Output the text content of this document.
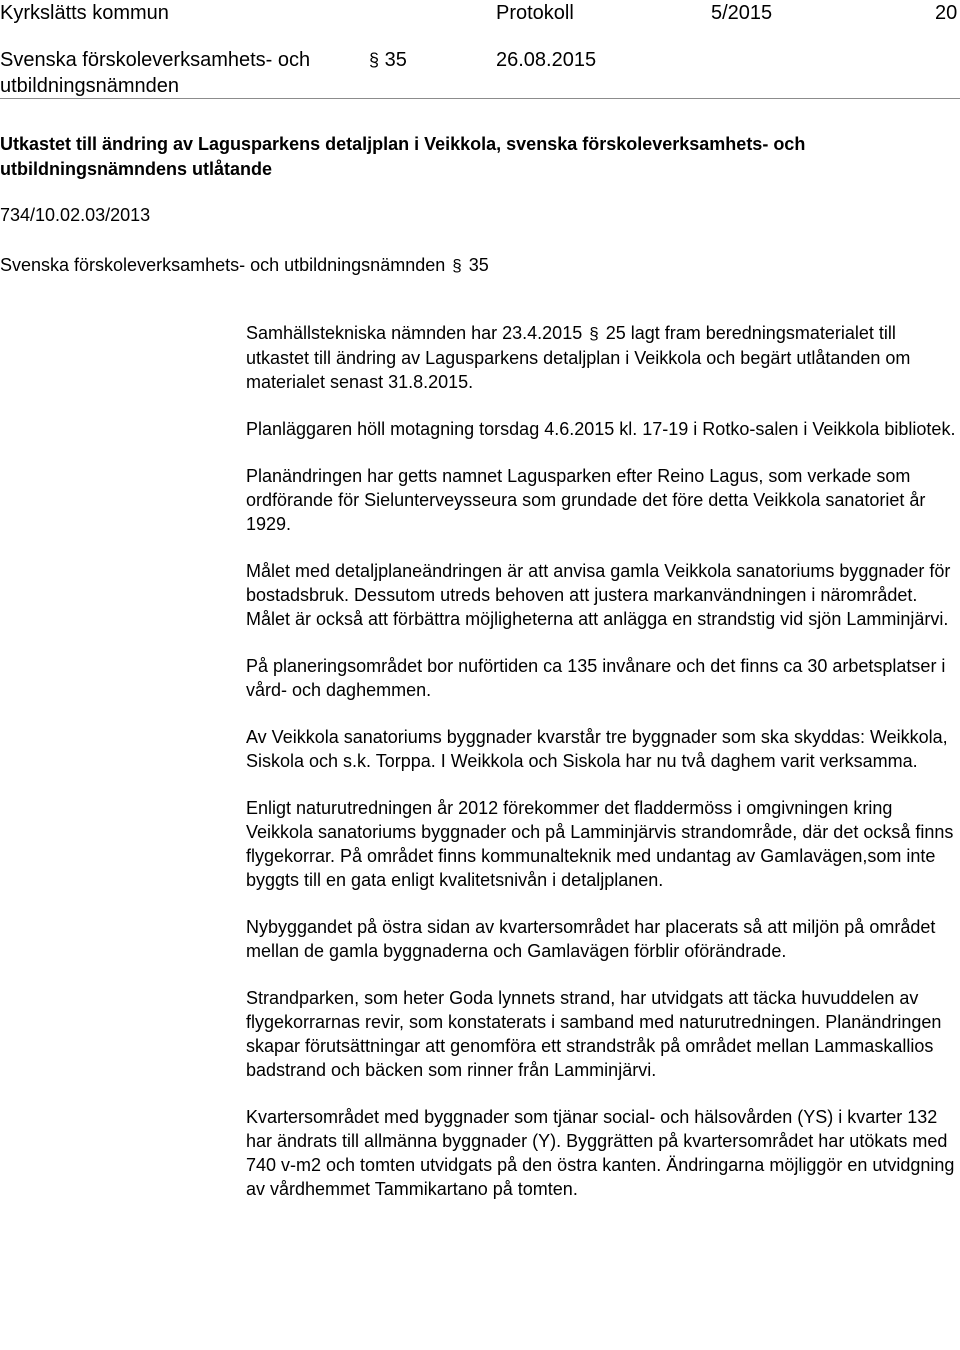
Kyrkslätts kommun	Protokoll	5/2015	20
Svenska förskoleverksamhets- och
utbildningsnämnden
§ 35	26.08.2015
Utkastet till ändring av Lagusparkens detaljplan i Veikkola, svenska förskoleverksamhets- och utbildningsnämndens utlåtande
734/10.02.03/2013
Svenska förskoleverksamhets- och utbildningsnämnden § 35

Samhällstekniska nämnden har 23.4.2015 § 25 lagt fram beredningsmaterialet till utkastet till ändring av Lagusparkens detaljplan i Veikkola och begärt utlåtanden om materialet senast 31.8.2015.

Planläggaren höll motagning torsdag 4.6.2015 kl. 17-19 i Rotko-salen i Veikkola bibliotek.

Planändringen har getts namnet Lagusparken efter Reino Lagus, som verkade som ordförande för Sielunterveysseura som grundade det före detta Veikkola sanatoriet år 1929.

Målet med detaljplaneändringen är att anvisa gamla Veikkola sanatoriums byggnader för bostadsbruk. Dessutom utreds behoven att justera markanvändningen i närområdet. Målet är också att förbättra möjligheterna att anlägga en strandstig vid sjön Lamminjärvi.

På planeringsområdet bor nuförtiden ca 135 invånare och det finns ca 30 arbetsplatser i vård- och daghemmen.

Av Veikkola sanatoriums byggnader kvarstår tre byggnader som ska skyddas: Weikkola, Siskola och s.k. Torppa. I Weikkola och Siskola har nu två daghem varit verksamma.

Enligt naturutredningen år 2012 förekommer det fladdermöss i omgivningen kring Veikkola sanatoriums byggnader och på Lamminjärvis strandområde, där det också finns flygekorrar. På området finns kommunalteknik med undantag av Gamlavägen,som inte byggts till en gata enligt kvalitetsnivån i detaljplanen.

Nybyggandet på östra sidan av kvartersområdet har placerats så att miljön på området mellan de gamla byggnaderna och Gamlavägen förblir oförändrade.

Strandparken, som heter Goda lynnets strand, har utvidgats att täcka huvuddelen av flygekorrarnas revir, som konstaterats i samband med naturutredningen. Planändringen skapar förutsättningar att genomföra ett strandstråk på området mellan Lammaskallios badstrand och bäcken som rinner från Lamminjärvi.

Kvartersområdet med byggnader som tjänar social- och hälsovården (YS) i kvarter 132 har ändrats till allmänna byggnader (Y). Byggrätten på kvartersområdet har utökats med 740 v-m2 och tomten utvidgats på den östra kanten. Ändringarna möjliggör en utvidgning av vårdhemmet Tammikartano på tomten.
